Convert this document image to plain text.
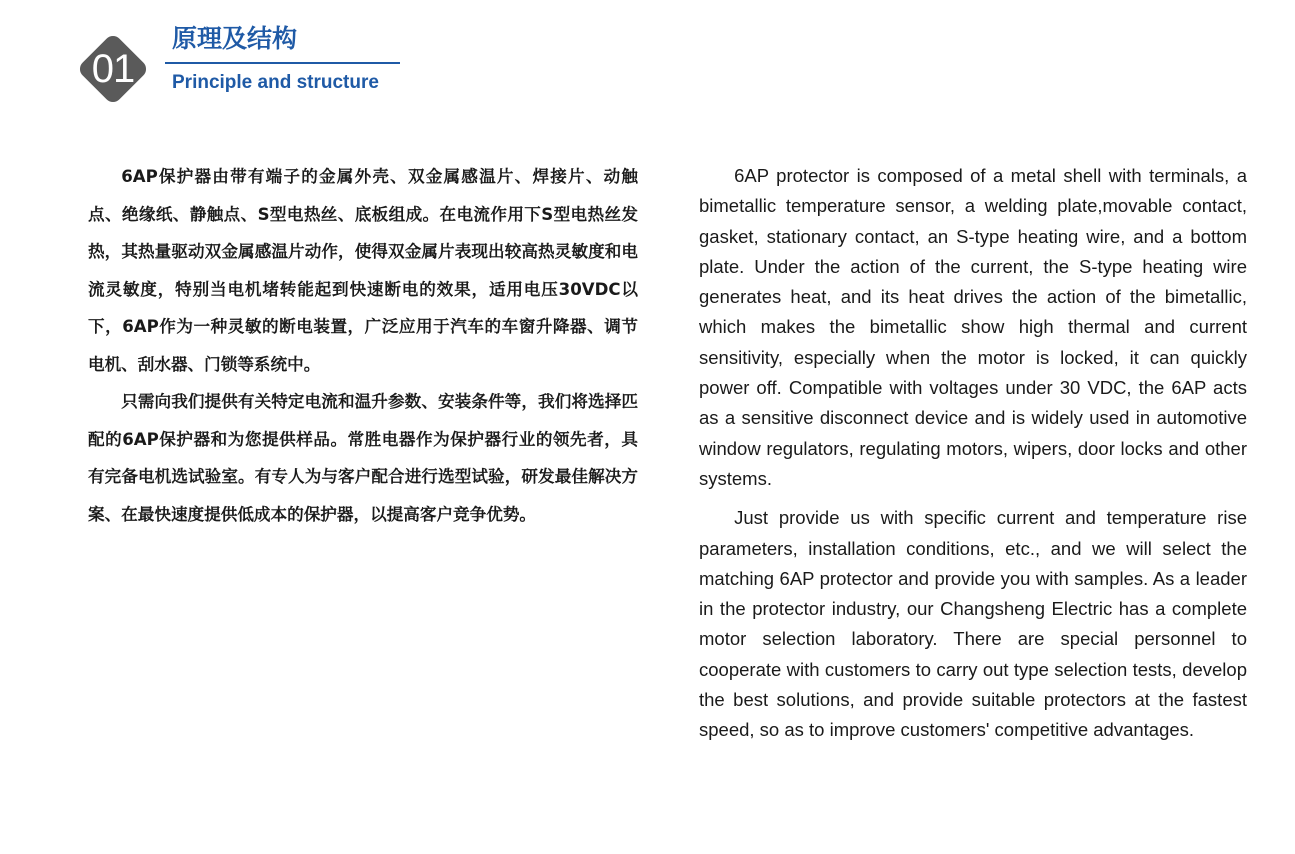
01
原理及结构
Principle and structure

6AP保护器由带有端子的金属外壳、双金属感温片、焊接片、动触点、绝缘纸、静触点、S型电热丝、底板组成。在电流作用下S型电热丝发热，其热量驱动双金属感温片动作，使得双金属片表现出较高热灵敏度和电流灵敏度，特别当电机堵转能起到快速断电的效果，适用电压30VDC以下，6AP作为一种灵敏的断电装置，广泛应用于汽车的车窗升降器、调节电机、刮水器、门锁等系统中。

只需向我们提供有关特定电流和温升参数、安装条件等，我们将选择匹配的6AP保护器和为您提供样品。常胜电器作为保护器行业的领先者，具有完备电机选试验室。有专人为与客户配合进行选型试验，研发最佳解决方案、在最快速度提供低成本的保护器，以提高客户竞争优势。

6AP protector is composed of a metal shell with terminals, a bimetallic temperature sensor, a welding plate,movable contact, gasket, stationary contact, an S-type heating wire, and a bottom plate. Under the action of the current, the S-type heating wire generates heat, and its heat drives the action of the bimetallic, which makes the bimetallic show high thermal and current sensitivity, especially when the motor is locked, it can quickly power off. Compatible with voltages under 30 VDC, the 6AP acts as a sensitive disconnect device and is widely used in automotive window regulators, regulating motors, wipers, door locks and other systems.

Just provide us with specific current and temperature rise parameters, installation conditions, etc., and we will select the matching 6AP protector and provide you with samples. As a leader in the protector industry, our Changsheng Electric has a complete motor selection laboratory. There are special personnel to cooperate with customers to carry out type selection tests, develop the best solutions, and provide suitable protectors at the fastest speed, so as to improve customers' competitive advantages.
